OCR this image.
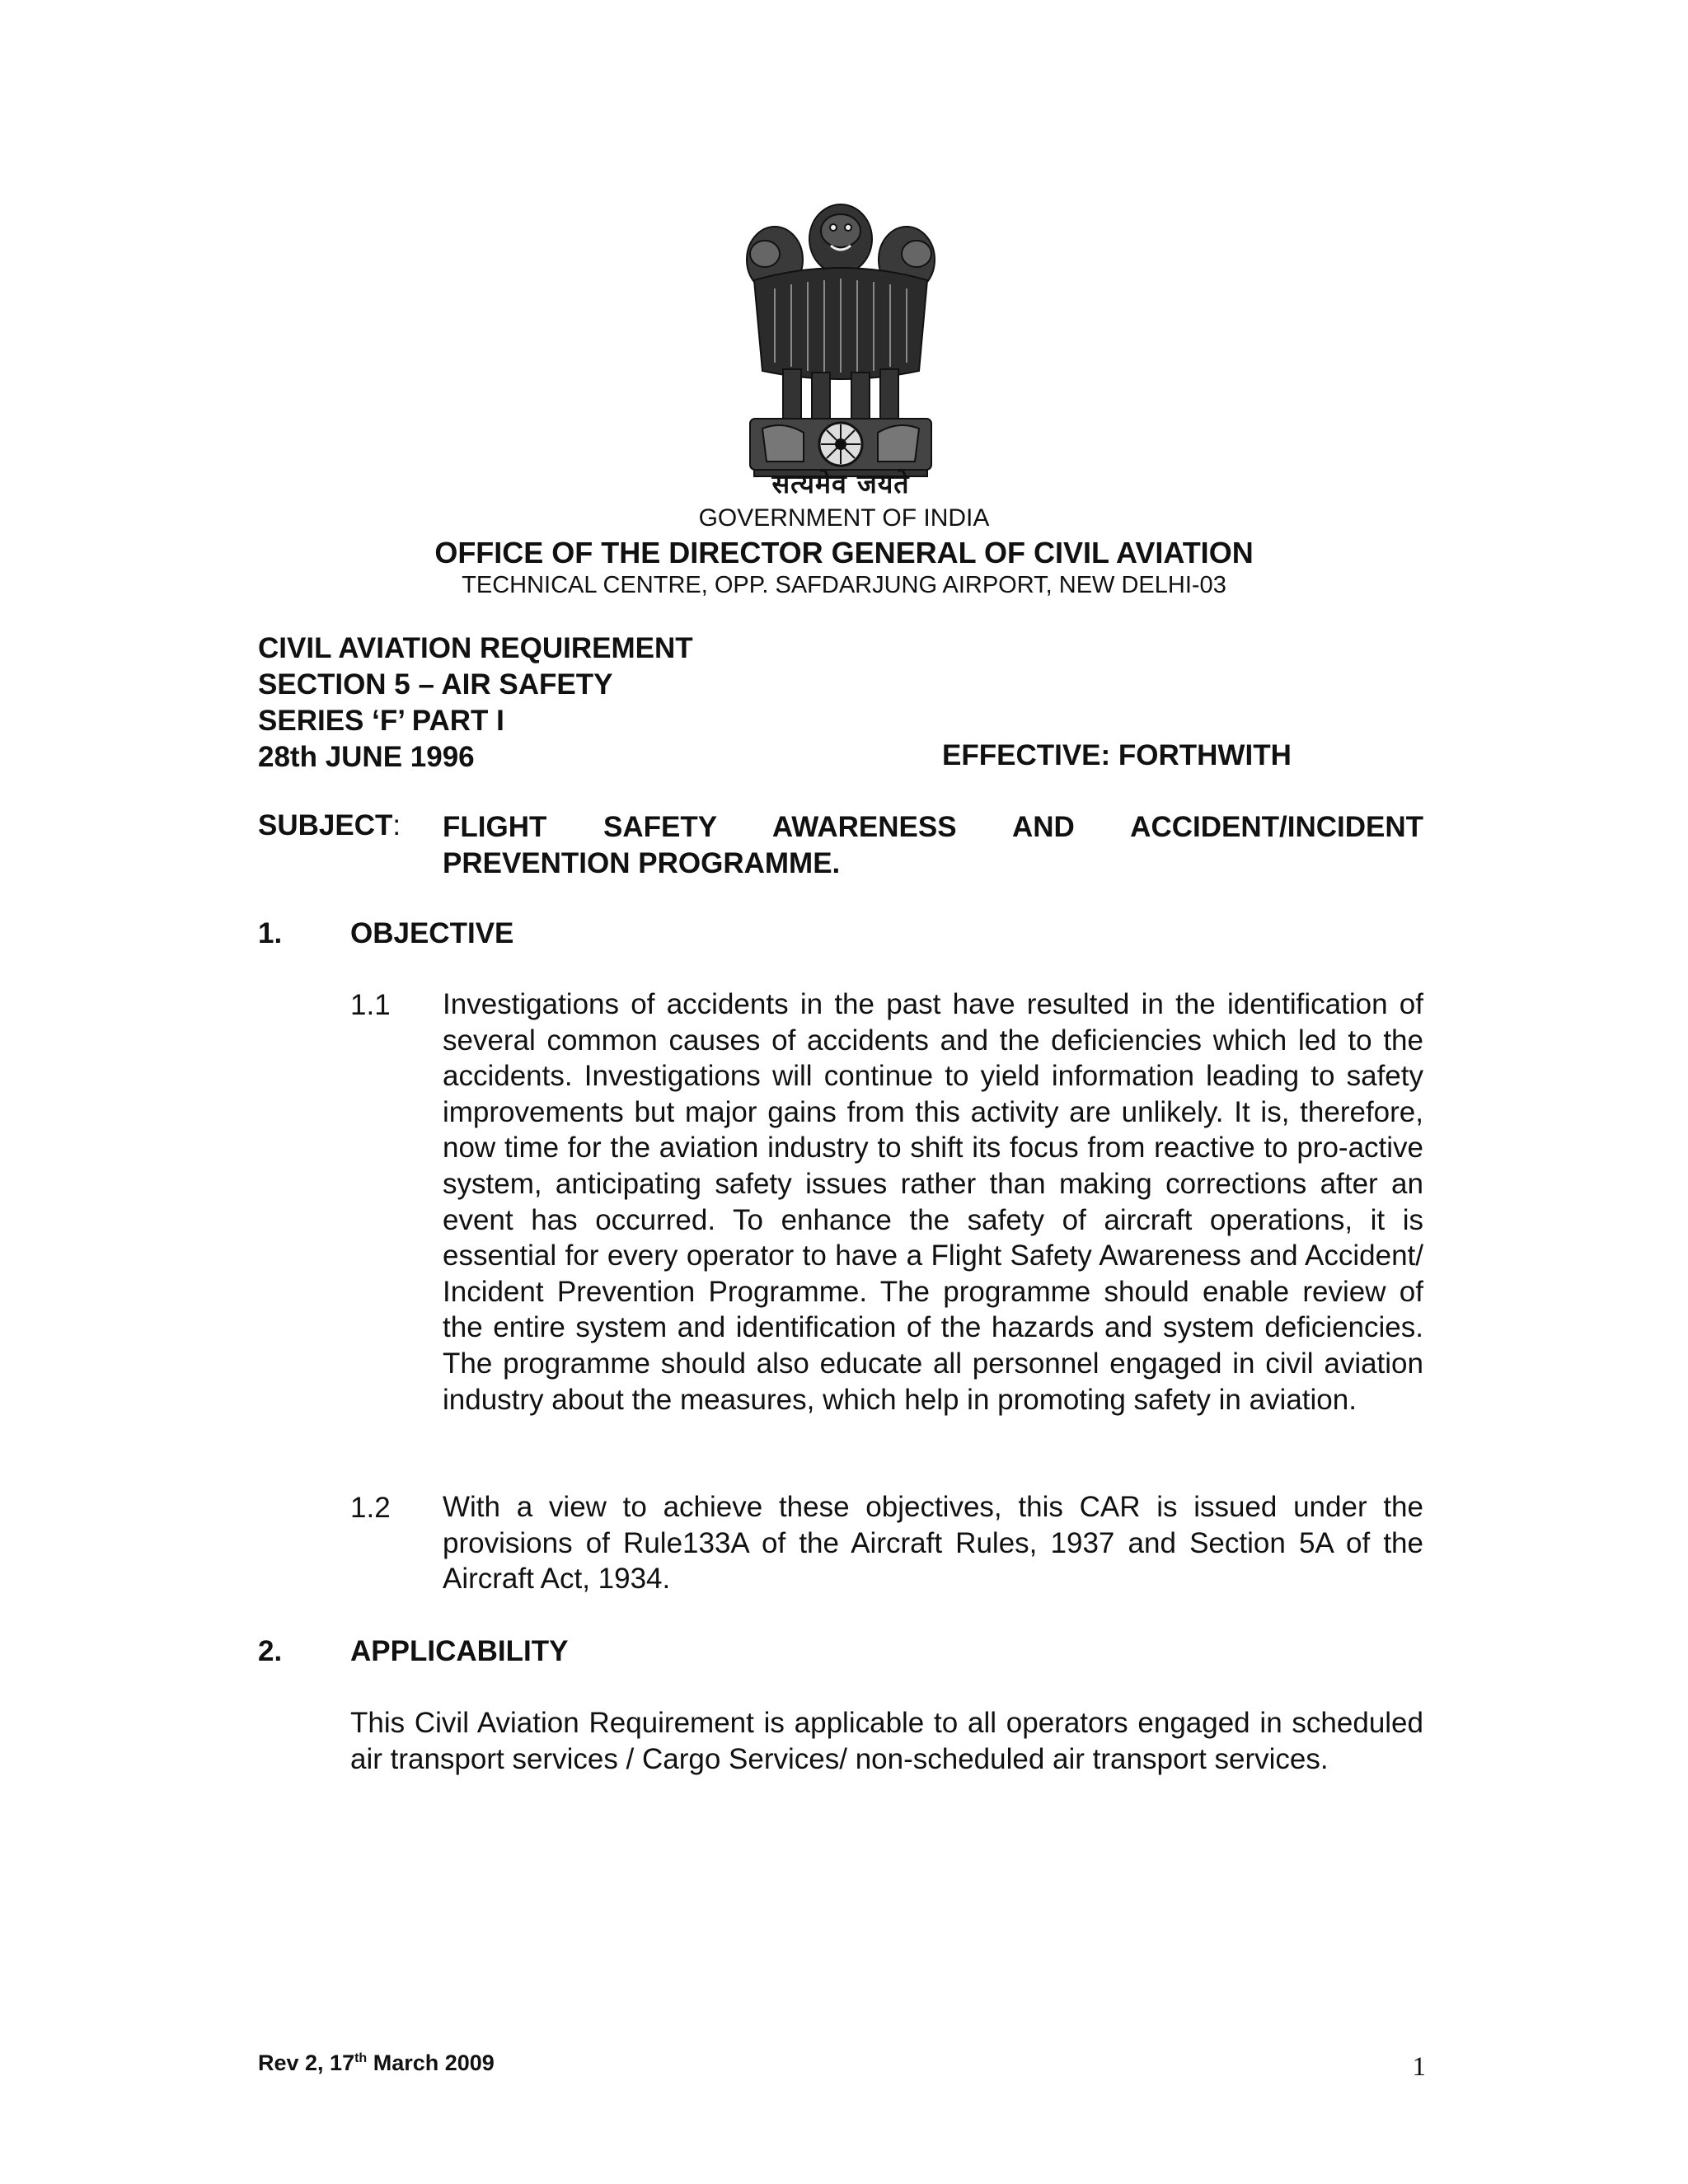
सत्यमेव जयते
GOVERNMENT OF INDIA
OFFICE OF THE DIRECTOR GENERAL OF CIVIL AVIATION
TECHNICAL CENTRE, OPP. SAFDARJUNG AIRPORT, NEW DELHI-03
CIVIL AVIATION REQUIREMENT
SECTION 5 – AIR SAFETY
SERIES ‘F’ PART I
28th JUNE 1996	EFFECTIVE: FORTHWITH
SUBJECT: FLIGHT SAFETY AWARENESS AND ACCIDENT/INCIDENT
PREVENTION PROGRAMME.
1. OBJECTIVE
1.1 Investigations of accidents in the past have resulted in the identification of several common causes of accidents and the deficiencies which led to the accidents. Investigations will continue to yield information leading to safety improvements but major gains from this activity are unlikely. It is, therefore, now time for the aviation industry to shift its focus from reactive to pro-active system, anticipating safety issues rather than making corrections after an event has occurred. To enhance the safety of aircraft operations, it is essential for every operator to have a Flight Safety Awareness and Accident/ Incident Prevention Programme. The programme should enable review of the entire system and identification of the hazards and system deficiencies. The programme should also educate all personnel engaged in civil aviation industry about the measures, which help in promoting safety in aviation.
1.2 With a view to achieve these objectives, this CAR is issued under the provisions of Rule133A of the Aircraft Rules, 1937 and Section 5A of the Aircraft Act, 1934.
2. APPLICABILITY
This Civil Aviation Requirement is applicable to all operators engaged in scheduled air transport services / Cargo Services/ non-scheduled air transport services.
Rev 2, 17th March 2009	1
